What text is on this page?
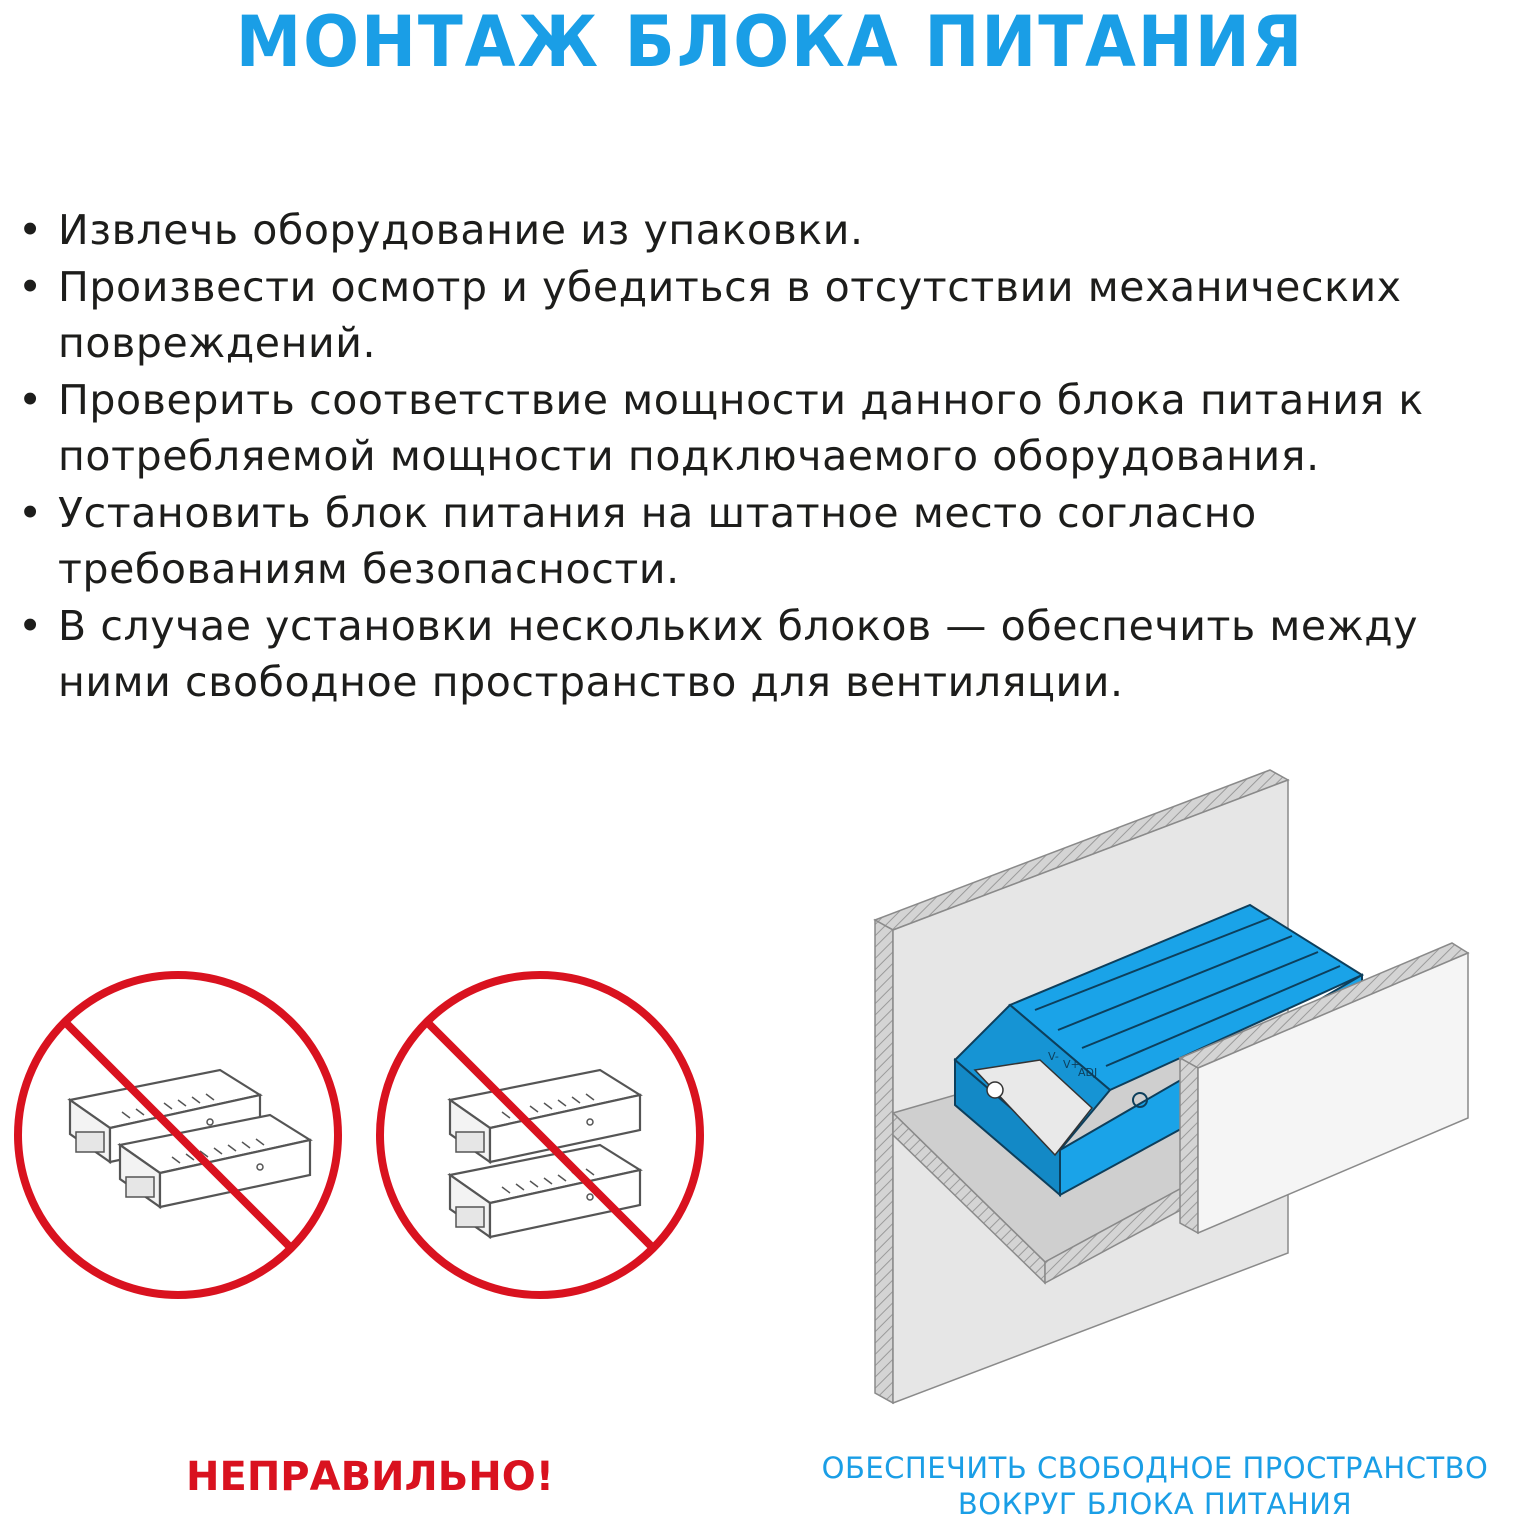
МОНТАЖ БЛОКА ПИТАНИЯ
• Извлечь оборудование из упаковки.
• Произвести осмотр и убедиться в отсутствии механических повреждений.
• Проверить соответствие мощности данного блока питания к потребляемой мощности подключаемого оборудования.
• Установить блок питания на штатное место согласно требованиям безопасности.
• В случае установки нескольких блоков — обеспечить между ними свободное пространство для вентиляции.
V-
V+
ADJ
НЕПРАВИЛЬНО!	ОБЕСПЕЧИТЬ СВОБОДНОЕ ПРОСТРАНСТВО
ВОКРУГ БЛОКА ПИТАНИЯ
